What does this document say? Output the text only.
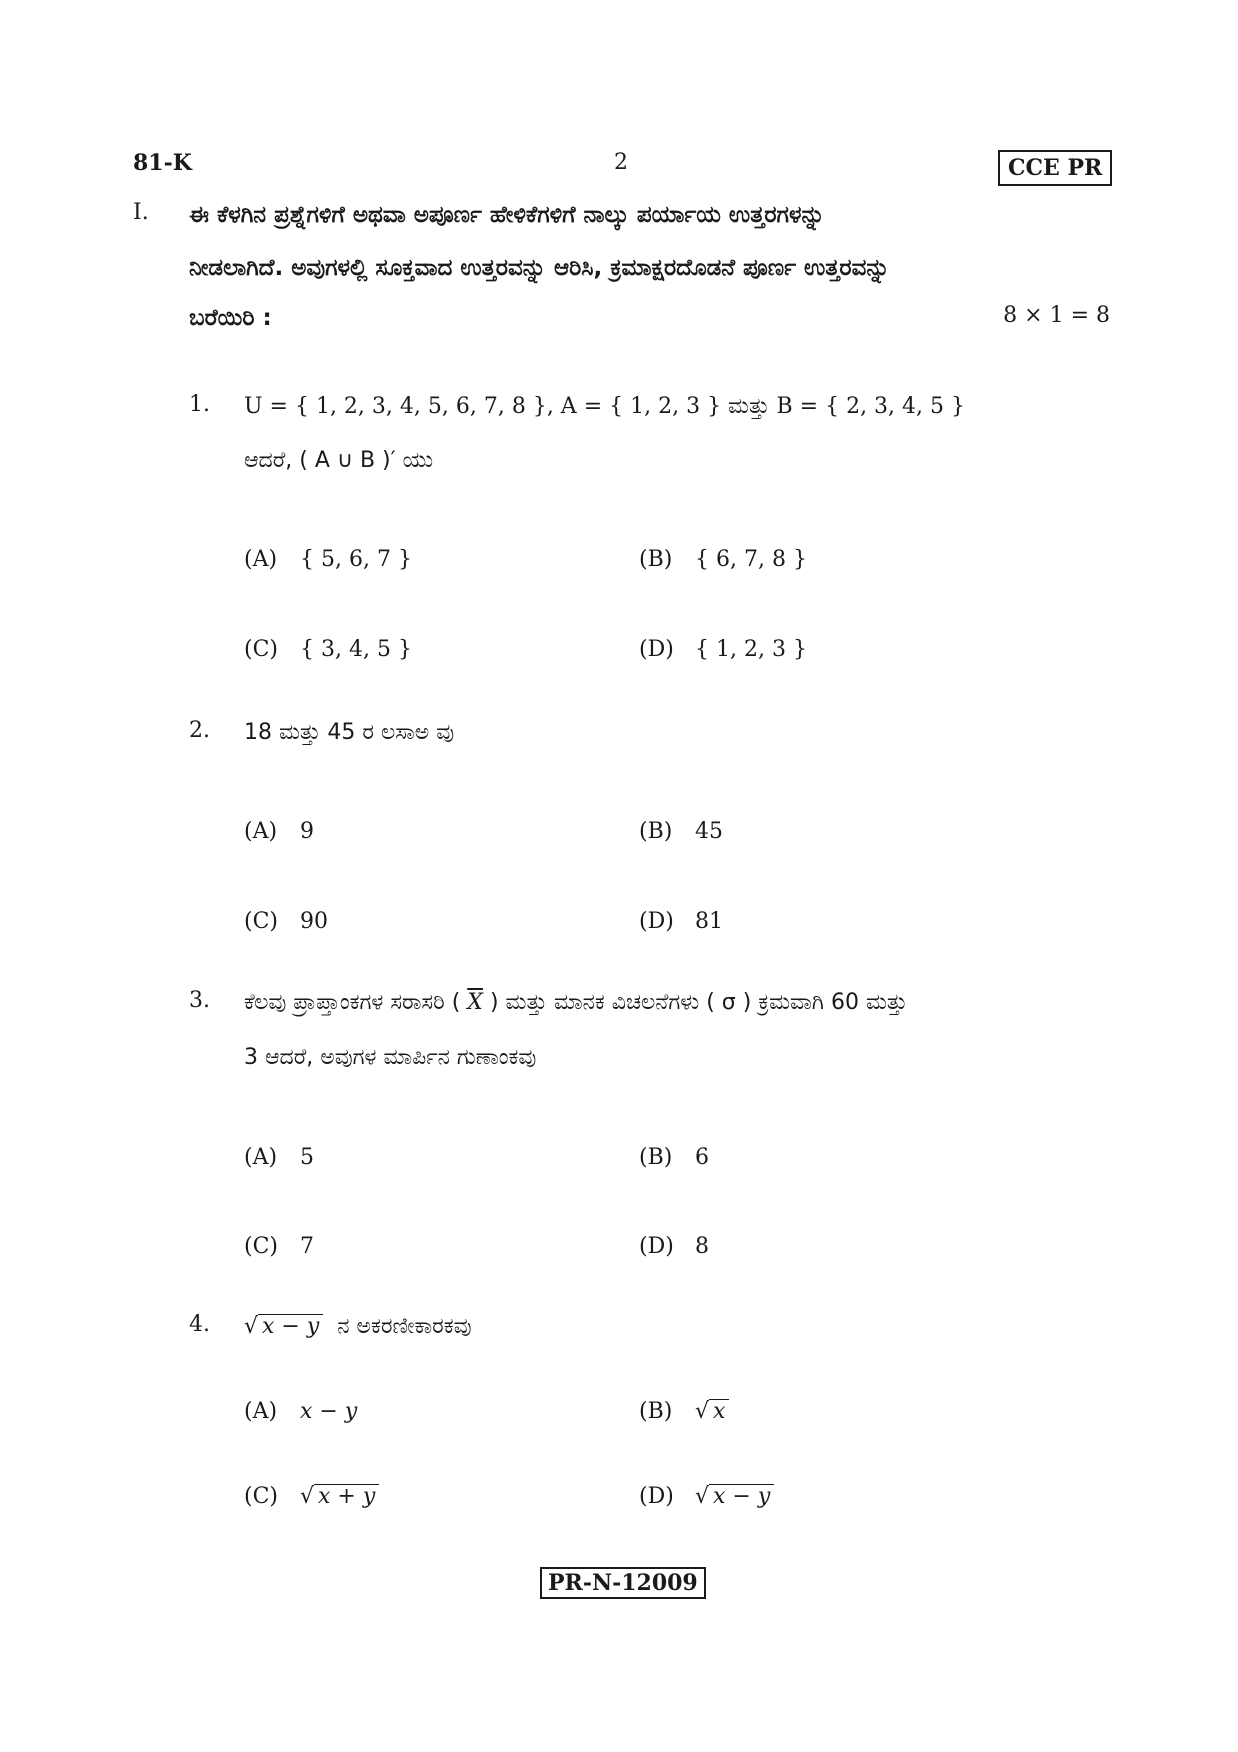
81-K	2	CCE PR
I. ಈ ಕೆಳಗಿನ ಪ್ರಶ್ನೆಗಳಿಗೆ ಅಥವಾ ಅಪೂರ್ಣ ಹೇಳಿಕೆಗಳಿಗೆ ನಾಲ್ಕು ಪರ್ಯಾಯ ಉತ್ತರಗಳನ್ನು
ನೀಡಲಾಗಿದೆ. ಅವುಗಳಲ್ಲಿ ಸೂಕ್ತವಾದ ಉತ್ತರವನ್ನು ಆರಿಸಿ, ಕ್ರಮಾಕ್ಷರದೊಡನೆ ಪೂರ್ಣ ಉತ್ತರವನ್ನು
ಬರೆಯಿರಿ :	8 × 1 = 8
1. U = { 1, 2, 3, 4, 5, 6, 7, 8 }, A = { 1, 2, 3 } ಮತ್ತು B = { 2, 3, 4, 5 }
ಆದರೆ, ( A ∪ B )′ ಯು
(A) { 5, 6, 7 }	(B) { 6, 7, 8 }
(C) { 3, 4, 5 }	(D) { 1, 2, 3 }
2. 18 ಮತ್ತು 45 ರ ಲಸಾಅ ವು
(A) 9	(B) 45
(C) 90	(D) 81
3. ಕೆಲವು ಪ್ರಾಪ್ತಾಂಕಗಳ ಸರಾಸರಿ ( $\overline{X}$ ) ಮತ್ತು ಮಾನಕ ವಿಚಲನೆಗಳು ( σ ) ಕ್ರಮವಾಗಿ 60 ಮತ್ತು
3 ಆದರೆ, ಅವುಗಳ ಮಾರ್ಪಿನ ಗುಣಾಂಕವು
(A) 5	(B) 6
(C) 7	(D) 8
4. √ x − y ನ ಅಕರಣೀಕಾರಕವು
(A) x − y	(B) √ x
(C) √ x + y	(D) √ x − y
PR-N-12009
